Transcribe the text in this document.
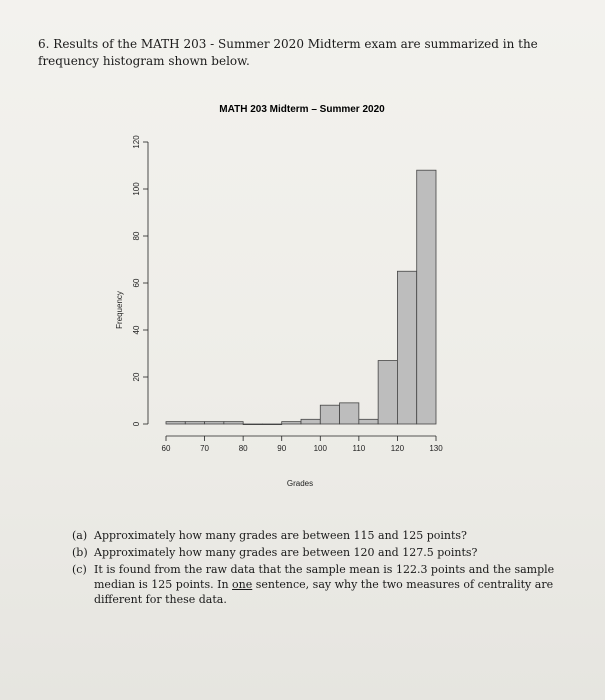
6. Results of the MATH 203 - Summer 2020 Midterm exam are summarized in the frequency histogram shown below.
MATH 203 Midterm – Summer 2020
Frequency
Grades
0
20
40
60
80
100
120
60	70	80	90	100	110	120	130
(a) Approximately how many grades are between 115 and 125 points?
(b) Approximately how many grades are between 120 and 127.5 points?
(c) It is found from the raw data that the sample mean is 122.3 points and the sample median is 125 points. In one sentence, say why the two measures of centrality are different for these data.
